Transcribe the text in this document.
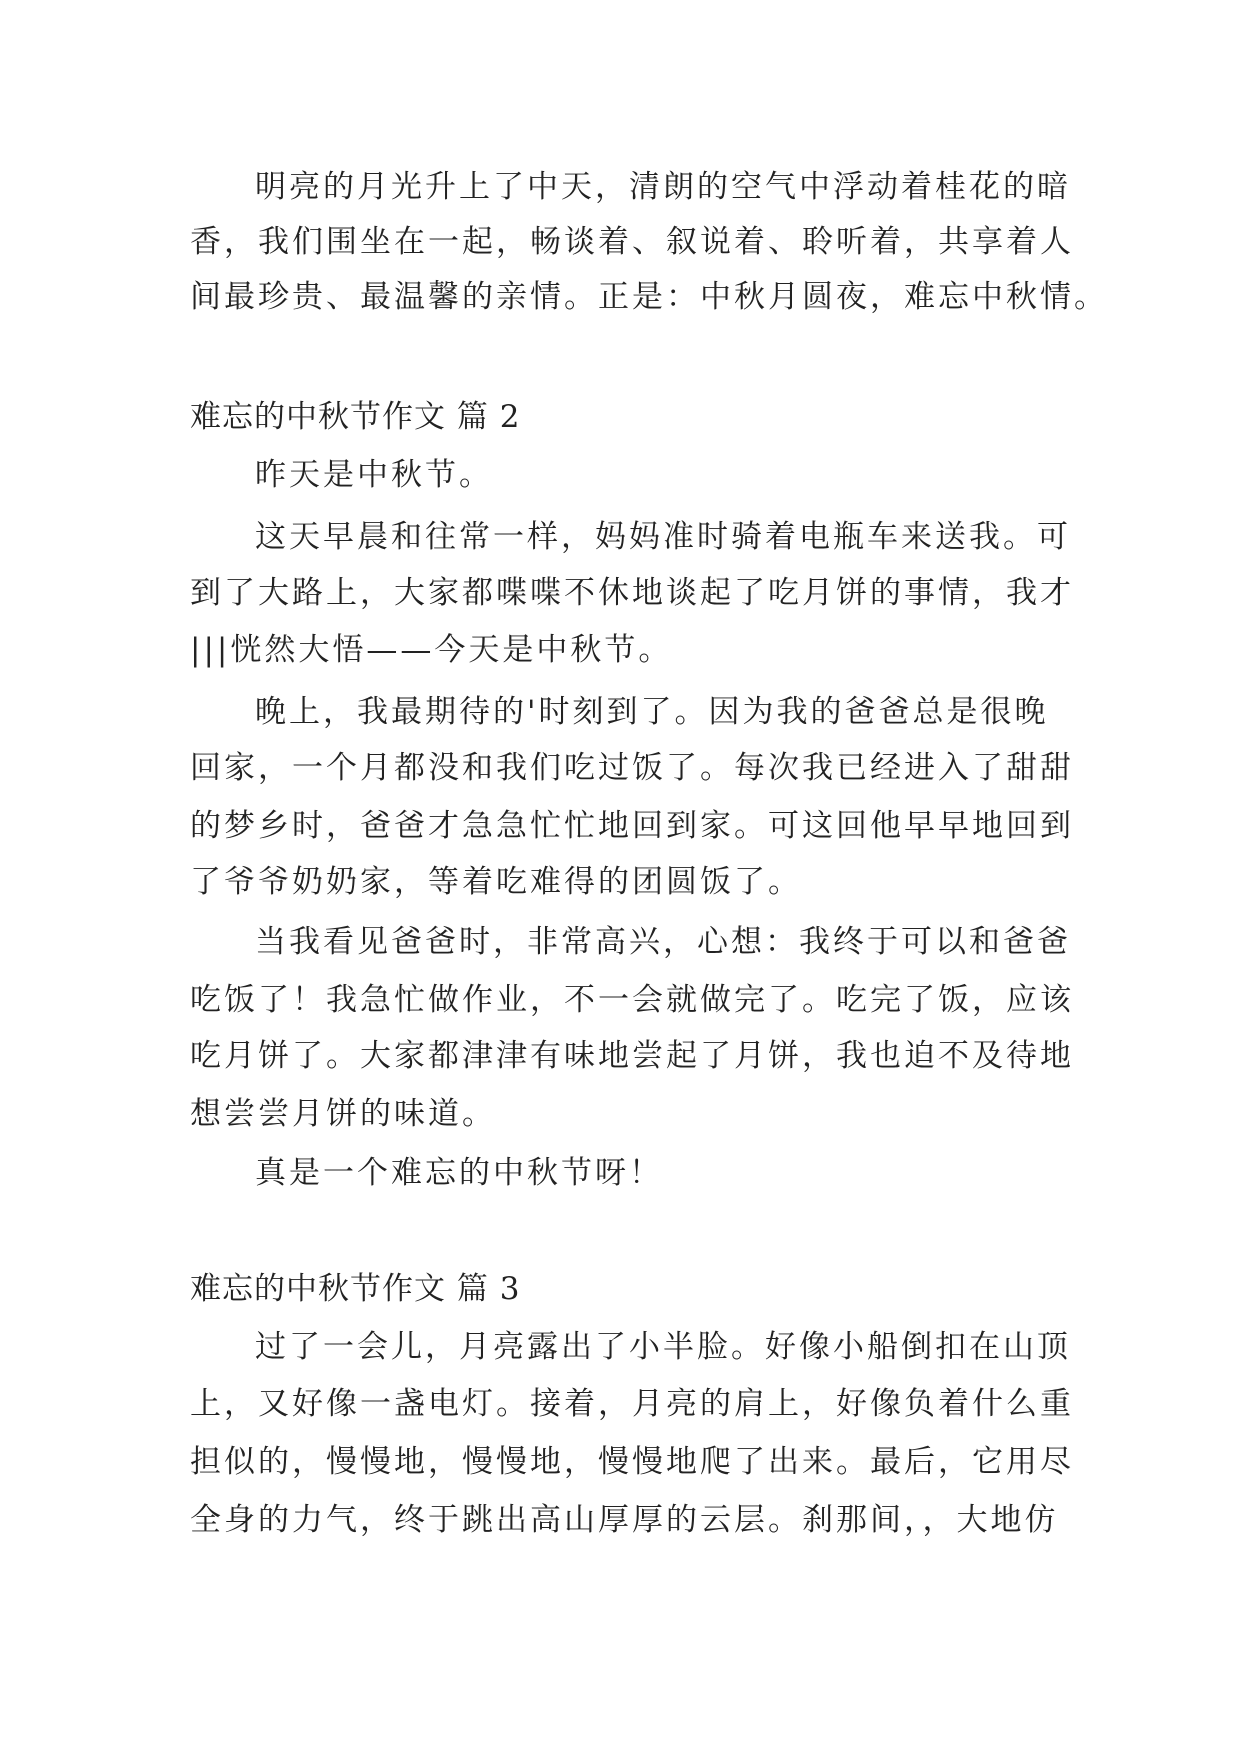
明亮的月光升上了中天，清朗的空气中浮动着桂花的暗
香，我们围坐在一起，畅谈着、叙说着、聆听着，共享着人
间最珍贵、最温馨的亲情。正是：中秋月圆夜，难忘中秋情。
难忘的中秋节作文 篇 2
昨天是中秋节。
这天早晨和往常一样，妈妈准时骑着电瓶车来送我。可
到了大路上，大家都喋喋不休地谈起了吃月饼的事情，我才
|||恍然大悟——今天是中秋节。
晚上，我最期待的'时刻到了。因为我的爸爸总是很晚
回家，一个月都没和我们吃过饭了。每次我已经进入了甜甜
的梦乡时，爸爸才急急忙忙地回到家。可这回他早早地回到
了爷爷奶奶家，等着吃难得的团圆饭了。
当我看见爸爸时，非常高兴，心想：我终于可以和爸爸
吃饭了！我急忙做作业，不一会就做完了。吃完了饭，应该
吃月饼了。大家都津津有味地尝起了月饼，我也迫不及待地
想尝尝月饼的味道。
真是一个难忘的中秋节呀！
难忘的中秋节作文 篇 3
过了一会儿，月亮露出了小半脸。好像小船倒扣在山顶
上，又好像一盏电灯。接着，月亮的肩上，好像负着什么重
担似的，慢慢地，慢慢地，慢慢地爬了出来。最后，它用尽
全身的力气，终于跳出高山厚厚的云层。刹那间，，大地仿
